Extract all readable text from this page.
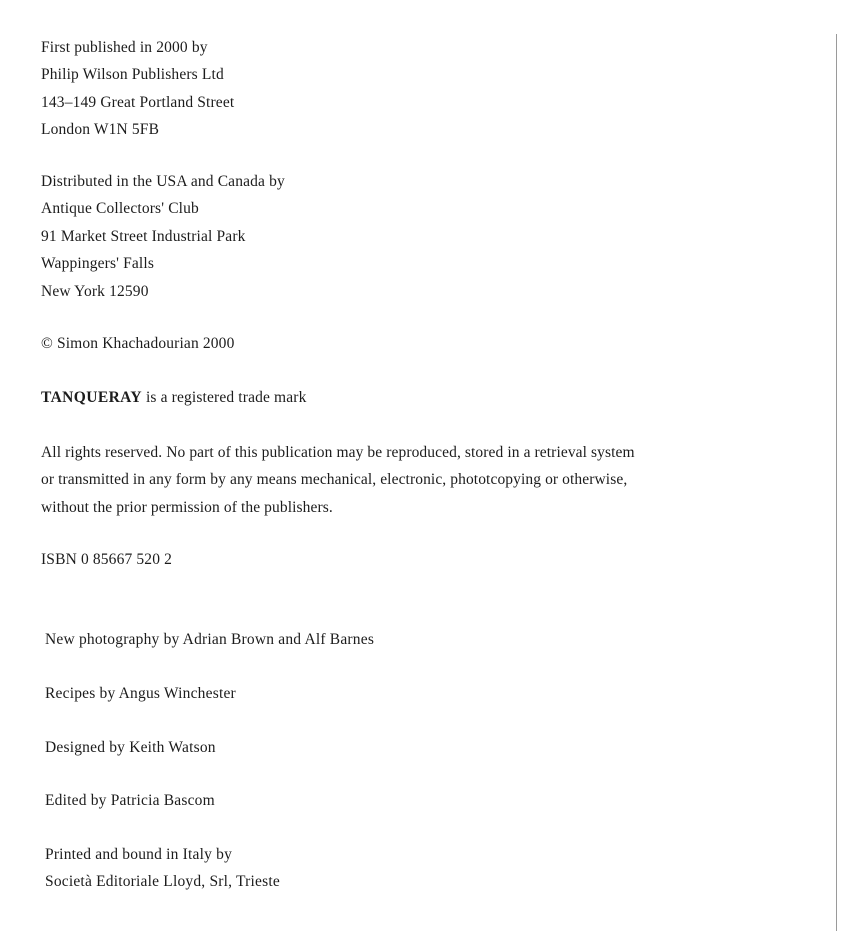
First published in 2000 by
Philip Wilson Publishers Ltd
143–149 Great Portland Street
London W1N 5FB

Distributed in the USA and Canada by
Antique Collectors' Club
91 Market Street Industrial Park
Wappingers' Falls
New York 12590

© Simon Khachadourian 2000

TANQUERAY is a registered trade mark

All rights reserved. No part of this publication may be reproduced, stored in a retrieval system
or transmitted in any form by any means mechanical, electronic, phototcopying or otherwise,
without the prior permission of the publishers.

ISBN 0 85667 520 2

New photography by Adrian Brown and Alf Barnes

Recipes by Angus Winchester

Designed by Keith Watson

Edited by Patricia Bascom

Printed and bound in Italy by
Società Editoriale Lloyd, Srl, Trieste
